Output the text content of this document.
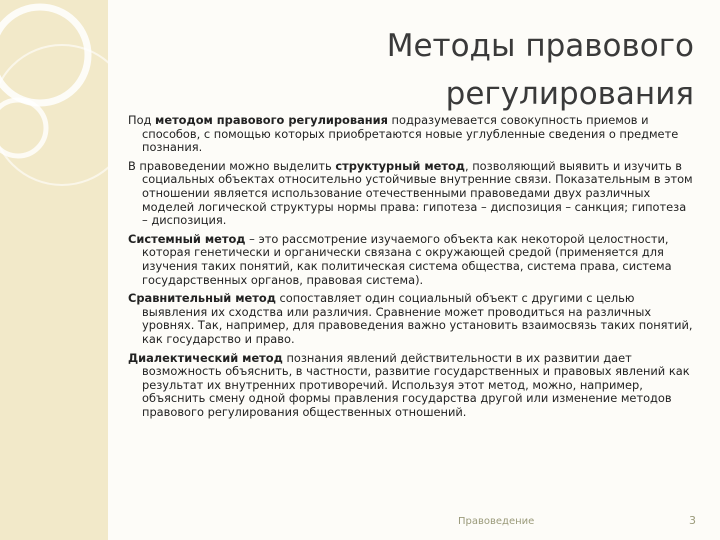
Методы правового
регулирования

Под методом правового регулирования подразумевается совокупность приемов и способов, с помощью которых приобретаются новые углубленные сведения о предмете познания.

В правоведении можно выделить структурный метод, позволяющий выявить и изучить в социальных объектах относительно устойчивые внутренние связи. Показательным в этом отношении является использование отечественными правоведами двух различных моделей логической структуры нормы права: гипотеза – диспозиция – санкция; гипотеза – диспозиция.

Системный метод – это рассмотрение изучаемого объекта как некоторой целостности, которая генетически и органически связана с окружающей средой (применяется для изучения таких понятий, как политическая система общества, система права, система государственных органов, правовая система).

Сравнительный метод сопоставляет один социальный объект с другими с целью выявления их сходства или различия. Сравнение может проводиться на различных уровнях. Так, например, для правоведения важно установить взаимосвязь таких понятий, как государство и право.

Диалектический метод познания явлений действительности в их развитии дает возможность объяснить, в частности, развитие государственных и правовых явлений как результат их внутренних противоречий. Используя этот метод, можно, например, объяснить смену одной формы правления государства другой или изменение методов правового регулирования общественных отношений.

Правоведение	3
